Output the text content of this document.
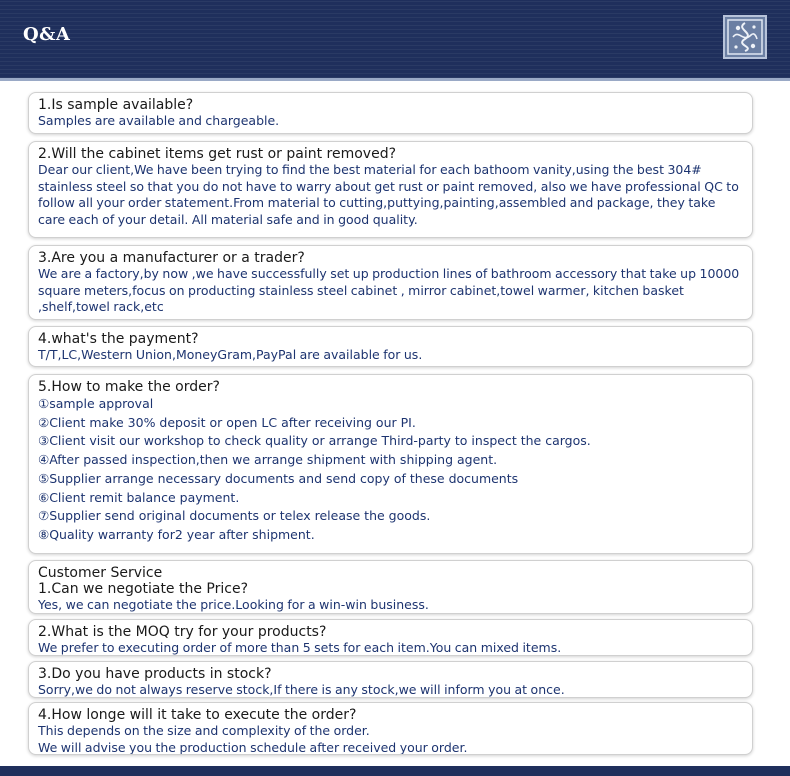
Q&A
1.Is sample available?
Samples are available and chargeable.
2.Will the cabinet items get rust or paint removed?
Dear our client,We have been trying to find the best material for each bathoom vanity,using the best 304# stainless steel so that you do not have to warry about get rust or paint removed, also we have professional QC to follow all your order statement.From material to cutting,puttying,painting,assembled and package, they take care each of your detail. All material safe and in good quality.
3.Are you a manufacturer or a trader?
We are a factory,by now ,we have successfully set up production lines of bathroom accessory that take up 10000 square meters,focus on producting stainless steel cabinet , mirror cabinet,towel warmer, kitchen basket ,shelf,towel rack,etc
4.what's the payment?
T/T,LC,Western Union,MoneyGram,PayPal are available for us.
5.How to make the order?
①sample approval
②Client make 30% deposit or open LC after receiving our PI.
③Client visit our workshop to check quality or arrange Third-party to inspect the cargos.
④After passed inspection,then we arrange shipment with shipping agent.
⑤Supplier arrange necessary documents and send copy of these documents
⑥Client remit balance payment.
⑦Supplier send original documents or telex release the goods.
⑧Quality warranty for2 year after shipment.
Customer Service
1.Can we negotiate the Price?
Yes, we can negotiate the price.Looking for a win-win business.
2.What is the MOQ try for your products?
We prefer to executing order of more than 5 sets for each item.You can mixed items.
3.Do you have products in stock?
Sorry,we do not always reserve stock,If there is any stock,we will inform you at once.
4.How longe will it take to execute the order?
This depends on the size and complexity of the order.
We will advise you the production schedule after received your order.
